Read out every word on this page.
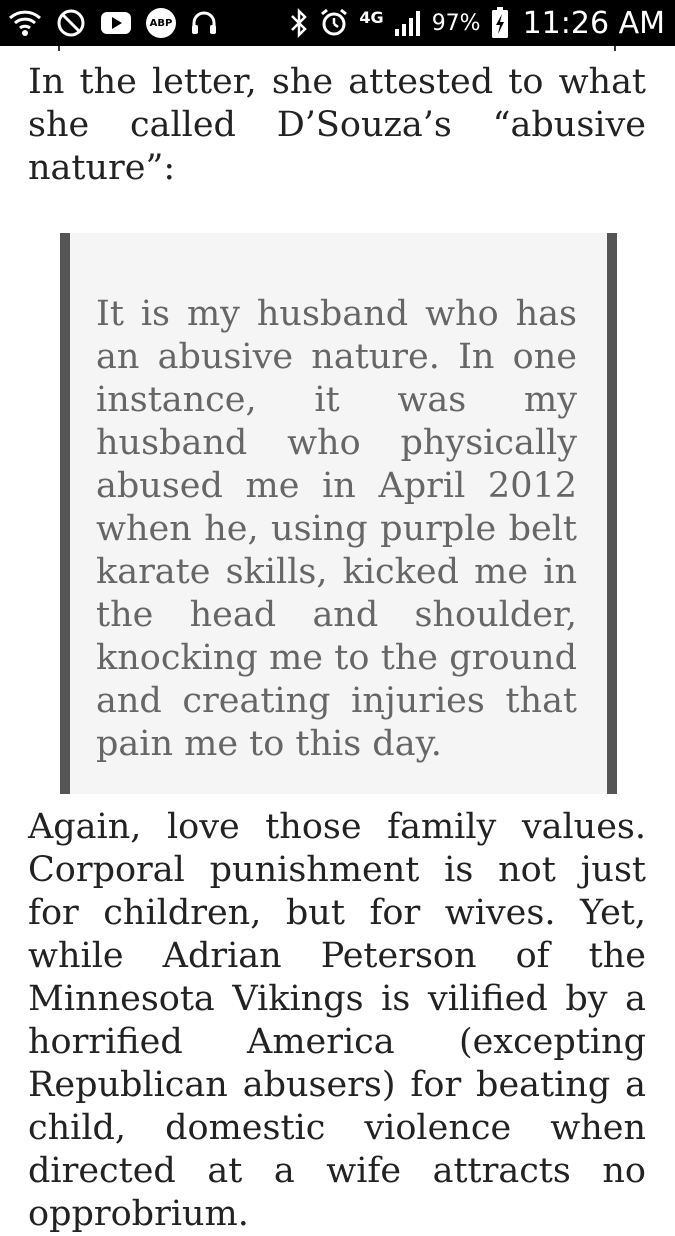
ABP	4G 97% 11:26 AM

In the letter, she attested to what she called D’Souza’s “abusive nature”:

It is my husband who has an abusive nature. In one instance, it was my husband who physically abused me in April 2012 when he, using purple belt karate skills, kicked me in the head and shoulder, knocking me to the ground and creating injuries that pain me to this day.

Again, love those family values. Corporal punishment is not just for children, but for wives. Yet, while Adrian Peterson of the Minnesota Vikings is vilified by a horrified America (excepting Republican abusers) for beating a child, domestic violence when directed at a wife attracts no opprobrium.
